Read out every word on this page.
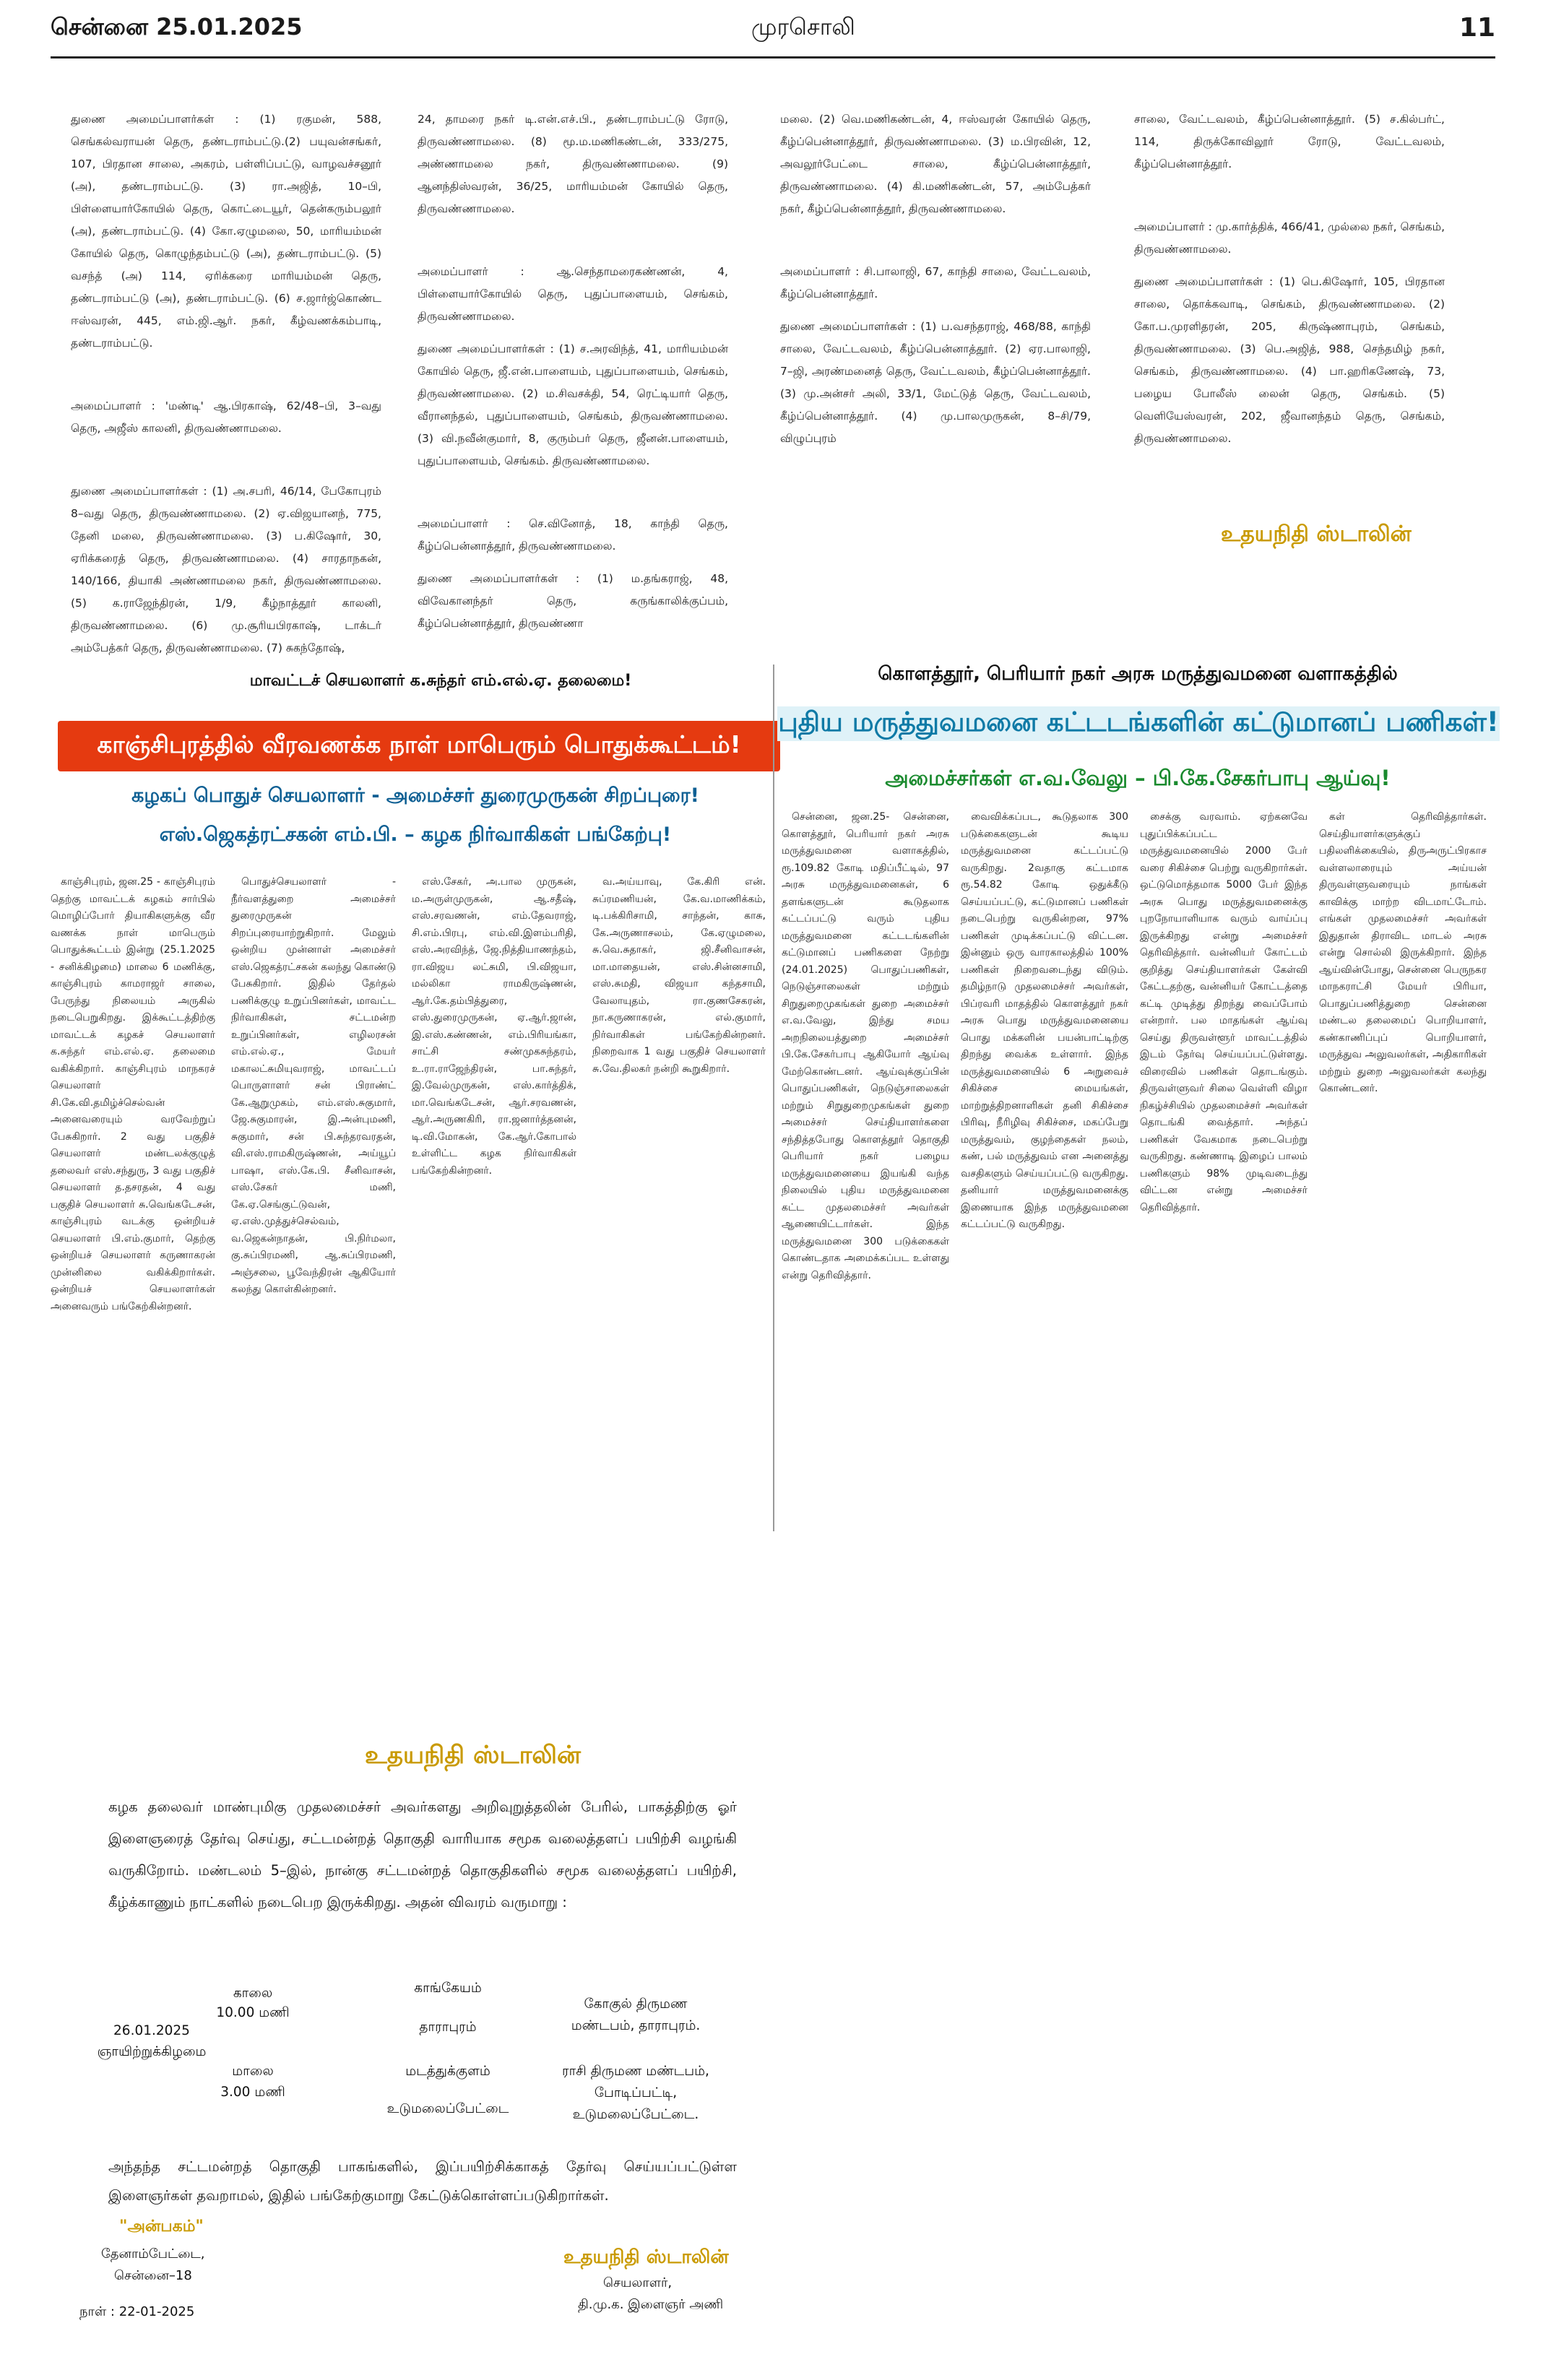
சென்னை 25.01.2025	முரசொலி	11

துணை அமைப்பாளர்கள் : (1) ரகுமன், 588, செங்கல்வராயன் தெரு, தண்டராம்பட்டு.(2) பயுவன்சங்கர், 107, பிரதான சாலை, அகரம், பள்ளிப்பட்டு, வாழவச்சனூர் (அ), தண்டராம்பட்டு. (3) ரா.அஜித், 10–பி, பிள்ளையார்கோயில் தெரு, கொட்டையூர், தென்கரும்பலூர் (அ), தண்டராம்பட்டு. (4) கோ.ஏழுமலை, 50, மாரியம்மன் கோயில் தெரு, கொழுந்தம்பட்டு (அ), தண்டராம்பட்டு. (5) வசந்த் (அ) 114, ஏரிக்கரை மாரியம்மன் தெரு, தண்டராம்பட்டு (அ), தண்டராம்பட்டு. (6) ச.ஜார்ஜ்கொண்ட ஈஸ்வரன், 445, எம்.ஜி.ஆர். நகர், கீழ்வணக்கம்பாடி, தண்டராம்பட்டு.

அமைப்பாளர் : 'மண்டி' ஆ.பிரகாஷ், 62/48–பி, 3–வது தெரு, அஜீஸ் காலனி, திருவண்ணாமலை.

துணை அமைப்பாளர்கள் : (1) அ.சபரி, 46/14, பேகோபுரம் 8–வது தெரு, திருவண்ணாமலை. (2) ஏ.விஜயானந், 775, தேனி மலை, திருவண்ணாமலை. (3) ப.கிஷோர், 30, ஏரிக்கரைத் தெரு, திருவண்ணாமலை. (4) சாரதாநகன், 140/166, தியாகி அண்ணாமலை நகர், திருவண்ணாமலை. (5) க.ராஜேந்திரன், 1/9, கீழ்நாத்தூர் காலனி, திருவண்ணாமலை. (6) மு.சூரியபிரகாஷ், டாக்டர் அம்பேத்கர் தெரு, திருவண்ணாமலை. (7) சுகந்தோஷ்,

24, தாமரை நகர் டி.என்.எச்.பி., தண்டராம்பட்டு ரோடு, திருவண்ணாமலை. (8) மூ.ம.மணிகண்டன், 333/275, அண்ணாமலை நகர், திருவண்ணாமலை. (9) ஆனந்திஸ்வரன், 36/25, மாரியம்மன் கோயில் தெரு, திருவண்ணாமலை.

அமைப்பாளர் : ஆ.செந்தாமரைகண்ணன், 4, பிள்ளையார்கோயில் தெரு, புதுப்பாளையம், செங்கம், திருவண்ணாமலை.

துணை அமைப்பாளர்கள் : (1) ச.அரவிந்த், 41, மாரியம்மன் கோயில் தெரு, ஜீ.என்.பாளையம், புதுப்பாளையம், செங்கம், திருவண்ணாமலை. (2) ம.சிவசக்தி, 54, ரெட்டியார் தெரு, வீரானந்தல், புதுப்பாளையம், செங்கம், திருவண்ணாமலை. (3) வி.நவீன்குமார், 8, குரும்பர் தெரு, ஜீனன்.பாளையம், புதுப்பாளையம், செங்கம். திருவண்ணாமலை.

அமைப்பாளர் : செ.வினோத், 18, காந்தி தெரு, கீழ்ப்பென்னாத்தூர், திருவண்ணாமலை.

துணை அமைப்பாளர்கள் : (1) ம.தங்கராஜ், 48, விவேகானந்தர் தெரு, கருங்காலிக்குப்பம், கீழ்ப்பென்னாத்தூர், திருவண்ணா

மலை. (2) வெ.மணிகண்டன், 4, ஈஸ்வரன் கோயில் தெரு, கீழ்ப்பென்னாத்தூர், திருவண்ணாமலை. (3) ம.பிரவின், 12, அவலூர்பேட்டை சாலை, கீழ்ப்பென்னாத்தூர், திருவண்ணாமலை. (4) கி.மணிகண்டன், 57, அம்பேத்கர் நகர், கீழ்ப்பென்னாத்தூர், திருவண்ணாமலை.

அமைப்பாளர் : சி.பாலாஜி, 67, காந்தி சாலை, வேட்டவலம், கீழ்ப்பென்னாத்தூர்.

துணை அமைப்பாளர்கள் : (1) ப.வசந்தராஜ், 468/88, காந்தி சாலை, வேட்டவலம், கீழ்ப்பென்னாத்தூர். (2) ஏர.பாலாஜி, 7–ஜி, அரண்மனைத் தெரு, வேட்டவலம், கீழ்ப்பென்னாத்தூர். (3) மு.அன்சர் அலி, 33/1, மேட்டுத் தெரு, வேட்டவலம், கீழ்ப்பென்னாத்தூர். (4) மு.பாலமுருகன், 8–சி/79, விழுப்புரம்

சாலை, வேட்டவலம், கீழ்ப்பென்னாத்தூர். (5) ச.கில்பர்ட், 114, திருக்கோவிலூர் ரோடு, வேட்டவலம், கீழ்ப்பென்னாத்தூர்.

அமைப்பாளர் : மு.கார்த்திக், 466/41, முல்லை நகர், செங்கம், திருவண்ணாமலை.

துணை அமைப்பாளர்கள் : (1) பெ.கிஷோர், 105, பிரதான சாலை, தொக்கவாடி, செங்கம், திருவண்ணாமலை. (2) கோ.ப.முரளிதரன், 205, கிருஷ்ணாபுரம், செங்கம், திருவண்ணாமலை. (3) பெ.அஜித், 988, செந்தமிழ் நகர், செங்கம், திருவண்ணாமலை. (4) பா.ஹரிகணேஷ், 73, பழைய போலீஸ் லைன் தெரு, செங்கம். (5) வெளியேஸ்வரன், 202, ஜீவானந்தம் தெரு, செங்கம், திருவண்ணாமலை.

உதயநிதி ஸ்டாலின்
மாவட்டச் செயலாளர் க.சுந்தர் எம்.எல்.ஏ. தலைமை!
காஞ்சிபுரத்தில் வீரவணக்க நாள் மாபெரும் பொதுக்கூட்டம்!
கழகப் பொதுச் செயலாளர் - அமைச்சர் துரைமுருகன் சிறப்புரை!
எஸ்.ஜெகத்ரட்சகன் எம்.பி. – கழக நிர்வாகிகள் பங்கேற்பு!

காஞ்சிபுரம், ஜன.25 - காஞ்சிபுரம் தெற்கு மாவட்டக் கழகம் சார்பில் மொழிப்போர் தியாகிகளுக்கு வீர வணக்க நாள் மாபெரும் பொதுக்கூட்டம் இன்று (25.1.2025 - சனிக்கிழமை) மாலை 6 மணிக்கு, காஞ்சிபுரம் காமராஜர் சாலை, பேருந்து நிலையம் அருகில் நடைபெறுகிறது. இக்கூட்டத்திற்கு மாவட்டக் கழகச் செயலாளர் க.சுந்தர் எம்.எல்.ஏ. தலைமை வகிக்கிறார். காஞ்சிபுரம் மாநகரச் செயலாளர் சி.கே.வி.தமிழ்ச்செல்வன் அனைவரையும் வரவேற்றுப் பேசுகிறார். 2 வது பகுதிச் செயலாளர் மண்டலக்குழுத் தலைவர் எஸ்.சந்துரு, 3 வது பகுதிச் செயலாளர் த.தசரதன், 4 வது பகுதிச் செயலாளர் சு.வெங்கடேசன், காஞ்சிபுரம் வடக்கு ஒன்றியச் செயலாளர் பி.எம்.குமார், தெற்கு ஒன்றியச் செயலாளர் கருணாகரன் முன்னிலை வகிக்கிறார்கள். ஒன்றியச் செயலாளர்கள் அனைவரும் பங்கேற்கின்றனர்.

பொதுச்செயலாளர் - நீர்வளத்துறை அமைச்சர் துரைமுருகன் சிறப்புரையாற்றுகிறார். மேலும் ஒன்றிய முன்னாள் அமைச்சர் எஸ்.ஜெகத்ரட்சகன் கலந்து கொண்டு பேசுகிறார். இதில் தேர்தல் பணிக்குழு உறுப்பினர்கள், மாவட்ட நிர்வாகிகள், சட்டமன்ற உறுப்பினர்கள், எழிலரசன் எம்.எல்.ஏ., மேயர் மகாலட்சுமியுவராஜ், மாவட்டப் பொருளாளர் சன் பிராண்ட் கே.ஆறுமுகம், எம்.எஸ்.சுகுமார், ஜே.சுகுமாரன், இ.அன்புமணி, சுகுமார், சன் பி.சுந்தரவரதன், வி.எஸ்.ராமகிருஷ்ணன், அய்யூப் பாஷா, எஸ்.கே.பி. சீனிவாசன், எஸ்.சேகர் மணி, கே.ஏ.செங்குட்டுவன், ஏ.எஸ்.முத்துச்செல்வம், வ.ஜெகன்நாதன், பி.நிர்மலா, கு.சுப்பிரமணி, ஆ.சுப்பிரமணி, அஞ்சலை, பூவேந்திரன் ஆகியோர் கலந்து கொள்கின்றனர்.

எஸ்.சேகர், அ.பால முருகன், ம.அருள்முருகன், ஆ.சதீஷ், எஸ்.சரவணன், எம்.தேவராஜ், சி.எம்.பிரபு, எம்.வி.இளம்பரிதி, எஸ்.அரவிந்த், ஜே.நித்தியாணந்தம், ரா.விஜய லட்சுமி, பி.விஜயா, மல்லிகா ராமகிருஷ்ணன், ஆர்.கே.தம்பித்துரை, எஸ்.துரைமுருகன், ஏ.ஆர்.ஜான், இ.எஸ்.கண்ணன், எம்.பிரியங்கா, சாட்சி சண்முகசுந்தரம், உ.ரா.ராஜேந்திரன், பா.சுந்தர், இ.வேல்முருகன், எஸ்.கார்த்திக், மா.வெங்கடேசன், ஆர்.சரவணன், ஆர்.அருணகிரி, ரா.ஜனார்த்தனன், டி.வி.மோகன், கே.ஆர்.கோபால் உள்ளிட்ட கழக நிர்வாகிகள் பங்கேற்கின்றனர்.

வ.அய்யாவு, கே.கிரி என். சுப்ரமணியன், கே.வ.மாணிக்கம், டி.பக்கிரிசாமி, சாந்தன், காசு, கே.அருணாசலம், கே.ஏழுமலை, சு.வெ.சுதாகர், ஜி.சீனிவாசன், மா.மாதையன், எஸ்.சின்னசாமி, எஸ்.சுமதி, விஜயா கந்தசாமி, வேலாயுதம், ரா.குணசேகரன், நா.கருணாகரன், எல்.குமார், நிர்வாகிகள் பங்கேற்கின்றனர். நிறைவாக 1 வது பகுதிச் செயலாளர் சு.வே.திலகர் நன்றி கூறுகிறார்.

கொளத்தூர், பெரியார் நகர் அரசு மருத்துவமனை வளாகத்தில்
புதிய மருத்துவமனை கட்டடங்களின் கட்டுமானப் பணிகள்!
அமைச்சர்கள் எ.வ.வேலு – பி.கே.சேகர்பாபு ஆய்வு!

சென்னை, ஜன.25- சென்னை, கொளத்தூர், பெரியார் நகர் அரசு மருத்துவமனை வளாகத்தில், ரூ.109.82 கோடி மதிப்பீட்டில், 97 அரசு மருத்துவமனைகள், 6 தளங்களுடன் கூடுதலாக கட்டப்பட்டு வரும் புதிய மருத்துவமனை கட்டடங்களின் கட்டுமானப் பணிகளை நேற்று (24.01.2025) பொதுப்பணிகள், நெடுஞ்சாலைகள் மற்றும் சிறுதுறைமுகங்கள் துறை அமைச்சர் எ.வ.வேலு, இந்து சமய அறநிலையத்துறை அமைச்சர் பி.கே.சேகர்பாபு ஆகியோர் ஆய்வு மேற்கொண்டனர். ஆய்வுக்குப்பின் பொதுப்பணிகள், நெடுஞ்சாலைகள் மற்றும் சிறுதுறைமுகங்கள் துறை அமைச்சர் செய்தியாளர்களை சந்தித்தபோது கொளத்தூர் தொகுதி பெரியார் நகர் பழைய மருத்துவமனையை இயங்கி வந்த நிலையில் புதிய மருத்துவமனை கட்ட முதலமைச்சர் அவர்கள் ஆணையிட்டார்கள். இந்த மருத்துவமனை 300 படுக்கைகள் கொண்டதாக அமைக்கப்பட உள்ளது என்று தெரிவித்தார்.

வைவிக்கப்பட, கூடுதலாக 300 படுக்கைகளுடன் கூடிய மருத்துவமனை கட்டப்பட்டு வருகிறது. 2வதாகு கட்டமாக ரூ.54.82 கோடி ஒதுக்கீடு செய்யப்பட்டு, கட்டுமானப் பணிகள் நடைபெற்று வருகின்றன, 97% பணிகள் முடிக்கப்பட்டு விட்டன. இன்னும் ஒரு வாரகாலத்தில் 100% பணிகள் நிறைவடைந்து விடும். தமிழ்நாடு முதலமைச்சர் அவர்கள், பிப்ரவரி மாதத்தில் கொளத்தூர் நகர் அரசு பொது மருத்துவமனையை பொது மக்களின் பயன்பாட்டிற்கு திறந்து வைக்க உள்ளார். இந்த மருத்துவமனையில் 6 அறுவைச் சிகிச்சை மையங்கள், மாற்றுத்திறனாளிகள் தனி சிகிச்சை பிரிவு, நீரிழிவு சிகிச்சை, மகப்பேறு மருத்துவம், குழந்தைகள் நலம், கண், பல் மருத்துவம் என அனைத்து வசதிகளும் செய்யப்பட்டு வருகிறது. தனியார் மருத்துவமனைக்கு இணையாக இந்த மருத்துவமனை கட்டப்பட்டு வருகிறது.

சைக்கு வரவாம். ஏற்கனவே புதுப்பிக்கப்பட்ட மருத்துவமனையில் 2000 பேர் வரை சிகிச்சை பெற்று வருகிறார்கள். ஒட்டுமொத்தமாக 5000 பேர் இந்த அரசு பொது மருத்துவமனைக்கு புறநோயாளியாக வரும் வாய்ப்பு இருக்கிறது என்று அமைச்சர் தெரிவித்தார். வன்னியர் கோட்டம் குறித்து செய்தியாளர்கள் கேள்வி கேட்டதற்கு, வன்னியர் கோட்டத்தை கட்டி முடித்து திறந்து வைப்போம் என்றார். பல மாதங்கள் ஆய்வு செய்து திருவள்ளூர் மாவட்டத்தில் இடம் தேர்வு செய்யப்பட்டுள்ளது. விரைவில் பணிகள் தொடங்கும். திருவள்ளுவர் சிலை வெள்ளி விழா நிகழ்ச்சியில் முதலமைச்சர் அவர்கள் தொடங்கி வைத்தார். அந்தப் பணிகள் வேகமாக நடைபெற்று வருகிறது. கண்ணாடி இழைப் பாலம் பணிகளும் 98% முடிவடைந்து விட்டன என்று அமைச்சர் தெரிவித்தார்.

கள் தெரிவித்தார்கள். செய்தியாளர்களுக்குப் பதிலளிக்கையில், திருஅருட்பிரகாச வள்ளலாரையும் அய்யன் திருவள்ளுவரையும் நாங்கள் காவிக்கு மாற்ற விடமாட்டோம். எங்கள் முதலமைச்சர் அவர்கள் இதுதான் திராவிட மாடல் அரசு என்று சொல்லி இருக்கிறார். இந்த ஆய்வின்போது, சென்னை பெருநகர மாநகராட்சி மேயர் பிரியா, பொதுப்பணித்துறை சென்னை மண்டல தலைமைப் பொறியாளர், கண்காணிப்புப் பொறியாளர், மருத்துவ அலுவலர்கள், அதிகாரிகள் மற்றும் துறை அலுவலர்கள் கலந்து கொண்டனர்.

உதயநிதி ஸ்டாலின்
கழக தலைவர் மாண்புமிகு முதலமைச்சர் அவர்களது அறிவுறுத்தலின் பேரில், பாகத்திற்கு ஓர் இளைஞரைத் தேர்வு செய்து, சட்டமன்றத் தொகுதி வாரியாக சமூக வலைத்தளப் பயிற்சி வழங்கி வருகிறோம். மண்டலம் 5–இல், நான்கு சட்டமன்றத் தொகுதிகளில் சமூக வலைத்தளப் பயிற்சி, கீழ்க்காணும் நாட்களில் நடைபெற இருக்கிறது. அதன் விவரம் வருமாறு :
காலை
10.00 மணி
26.01.2025
ஞாயிற்றுக்கிழமை
மாலை
3.00 மணி
காங்கேயம்
தாராபுரம்
கோகுல் திருமண மண்டபம், தாராபுரம்.
மடத்துக்குளம்
உடுமலைப்பேட்டை
ராசி திருமண மண்டபம், போடிப்பட்டி, உடுமலைப்பேட்டை.
அந்தந்த சட்டமன்றத் தொகுதி பாகங்களில், இப்பயிற்சிக்காகத் தேர்வு செய்யப்பட்டுள்ள இளைஞர்கள் தவறாமல், இதில் பங்கேற்குமாறு கேட்டுக்கொள்ளப்படுகிறார்கள்.
"அன்பகம்"
தேனாம்பேட்டை,
சென்னை–18
நாள் : 22-01-2025
உதயநிதி ஸ்டாலின்
செயலாளர்,
தி.மு.க. இளைஞர் அணி
